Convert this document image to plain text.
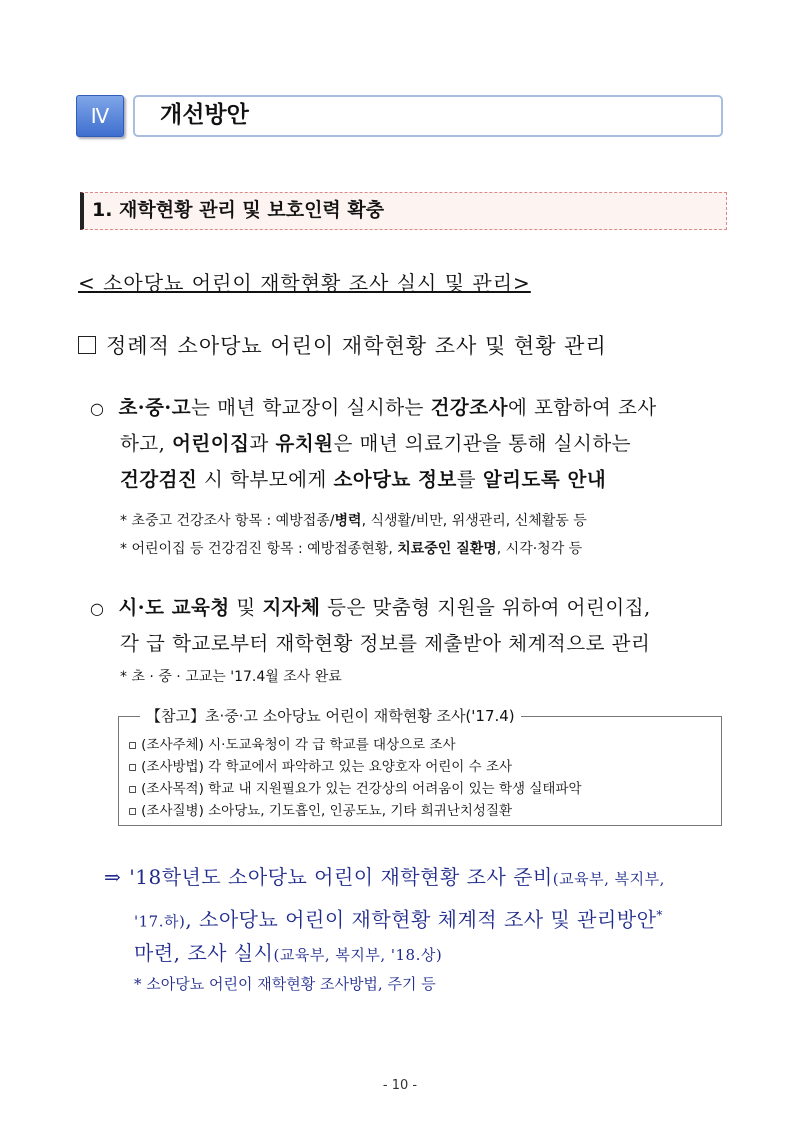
Ⅳ	개선방안
1. 재학현황 관리 및 보호인력 확충
< 소아당뇨 어린이 재학현황 조사 실시 및 관리>
정례적 소아당뇨 어린이 재학현황 조사 및 현황 관리
○ 초·중·고는 매년 학교장이 실시하는 건강조사에 포함하여 조사
하고, 어린이집과 유치원은 매년 의료기관을 통해 실시하는
건강검진 시 학부모에게 소아당뇨 정보를 알리도록 안내
* 초중고 건강조사 항목 : 예방접종/병력, 식생활/비만, 위생관리, 신체활동 등
* 어린이집 등 건강검진 항목 : 예방접종현황, 치료중인 질환명, 시각·청각 등
○ 시·도 교육청 및 지자체 등은 맞춤형 지원을 위하여 어린이집,
각 급 학교로부터 재학현황 정보를 제출받아 체계적으로 관리
* 초 · 중 · 고교는 '17.4월 조사 완료
【참고】초·중·고 소아당뇨 어린이 재학현황 조사('17.4)
▫ (조사주체) 시·도교육청이 각 급 학교를 대상으로 조사
▫ (조사방법) 각 학교에서 파악하고 있는 요양호자 어린이 수 조사
▫ (조사목적) 학교 내 지원필요가 있는 건강상의 어려움이 있는 학생 실태파악
▫ (조사질병) 소아당뇨, 기도흡인, 인공도뇨, 기타 희귀난치성질환
⇒ '18학년도 소아당뇨 어린이 재학현황 조사 준비(교육부, 복지부,
'17.하), 소아당뇨 어린이 재학현황 체계적 조사 및 관리방안*
마련, 조사 실시(교육부, 복지부, '18.상)
* 소아당뇨 어린이 재학현황 조사방법, 주기 등
- 10 -
